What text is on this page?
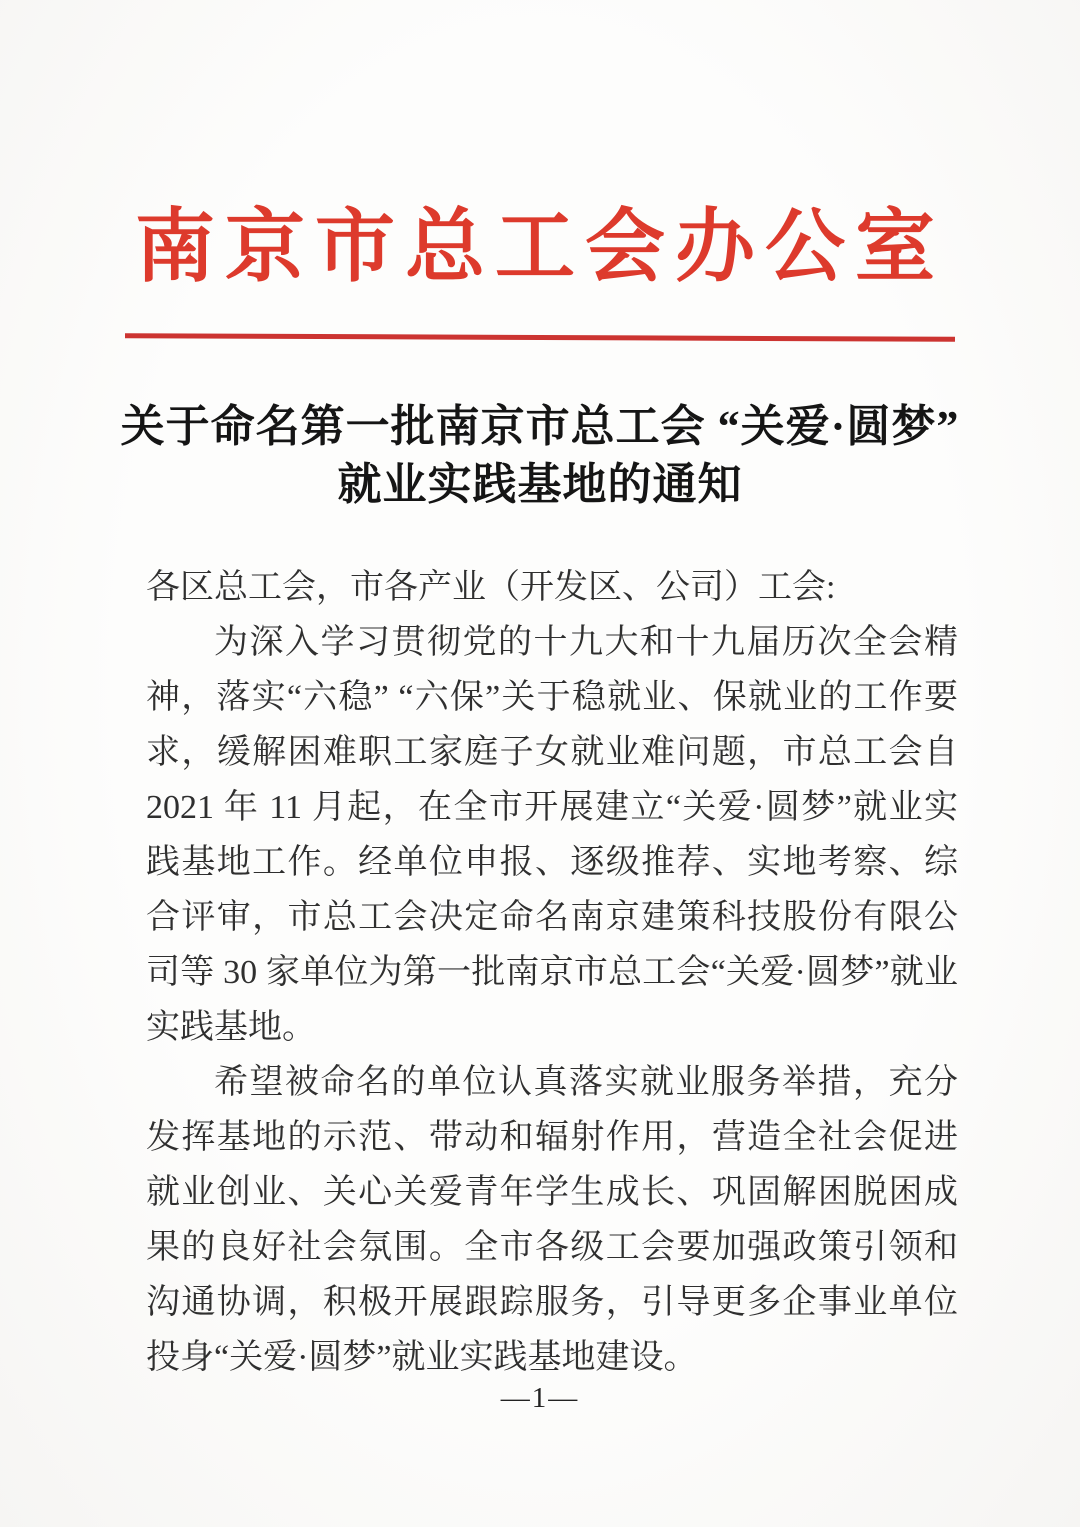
南京市总工会办公室
关于命名第一批南京市总工会 “关爱·圆梦”
就业实践基地的通知

各区总工会，市各产业（开发区、公司）工会:

为深入学习贯彻党的十九大和十九届历次全会精神，落实“六稳” “六保”关于稳就业、保就业的工作要求，缓解困难职工家庭子女就业难问题，市总工会自 2021 年 11 月起，在全市开展建立“关爱·圆梦”就业实践基地工作。经单位申报、逐级推荐、实地考察、综合评审，市总工会决定命名南京建策科技股份有限公司等 30 家单位为第一批南京市总工会“关爱·圆梦”就业实践基地。

希望被命名的单位认真落实就业服务举措，充分发挥基地的示范、带动和辐射作用，营造全社会促进就业创业、关心关爱青年学生成长、巩固解困脱困成果的良好社会氛围。全市各级工会要加强政策引领和沟通协调，积极开展跟踪服务，引导更多企事业单位投身“关爱·圆梦”就业实践基地建设。

—1—
